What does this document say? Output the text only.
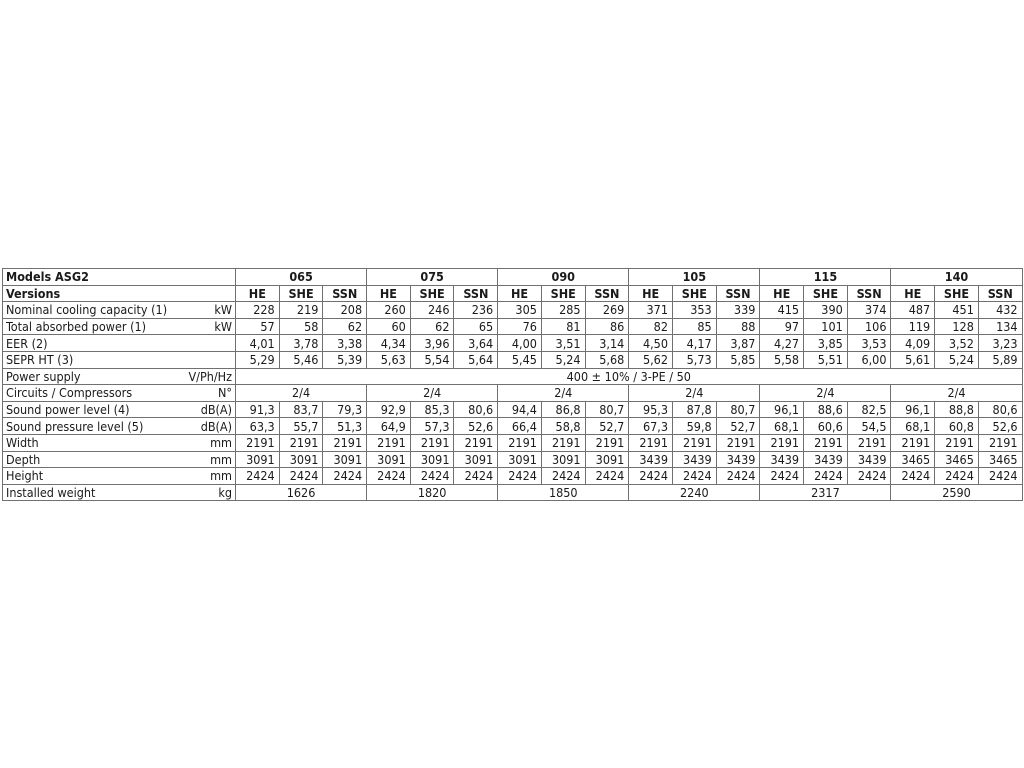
Models ASG2		065			075			090			105			115			140		
Versions		HE	SHE	SSN	HE	SHE	SSN	HE	SHE	SSN	HE	SHE	SSN	HE	SHE	SSN	HE	SHE	SSN
Nominal cooling capacity (1)	kW	228	219	208	260	246	236	305	285	269	371	353	339	415	390	374	487	451	432
Total absorbed power (1)	kW	57	58	62	60	62	65	76	81	86	82	85	88	97	101	106	119	128	134
EER (2)		4,01	3,78	3,38	4,34	3,96	3,64	4,00	3,51	3,14	4,50	4,17	3,87	4,27	3,85	3,53	4,09	3,52	3,23
SEPR HT (3)		5,29	5,46	5,39	5,63	5,54	5,64	5,45	5,24	5,68	5,62	5,73	5,85	5,58	5,51	6,00	5,61	5,24	5,89
Power supply	V/Ph/Hz	400 ± 10% / 3-PE / 50																	
Circuits / Compressors	N°	2/4			2/4			2/4			2/4			2/4			2/4		
Sound power level (4)	dB(A)	91,3	83,7	79,3	92,9	85,3	80,6	94,4	86,8	80,7	95,3	87,8	80,7	96,1	88,6	82,5	96,1	88,8	80,6
Sound pressure level (5)	dB(A)	63,3	55,7	51,3	64,9	57,3	52,6	66,4	58,8	52,7	67,3	59,8	52,7	68,1	60,6	54,5	68,1	60,8	52,6
Width	mm	2191	2191	2191	2191	2191	2191	2191	2191	2191	2191	2191	2191	2191	2191	2191	2191	2191	2191
Depth	mm	3091	3091	3091	3091	3091	3091	3091	3091	3091	3439	3439	3439	3439	3439	3439	3465	3465	3465
Height	mm	2424	2424	2424	2424	2424	2424	2424	2424	2424	2424	2424	2424	2424	2424	2424	2424	2424	2424
Installed weight	kg	1626			1820			1850			2240			2317			2590		
